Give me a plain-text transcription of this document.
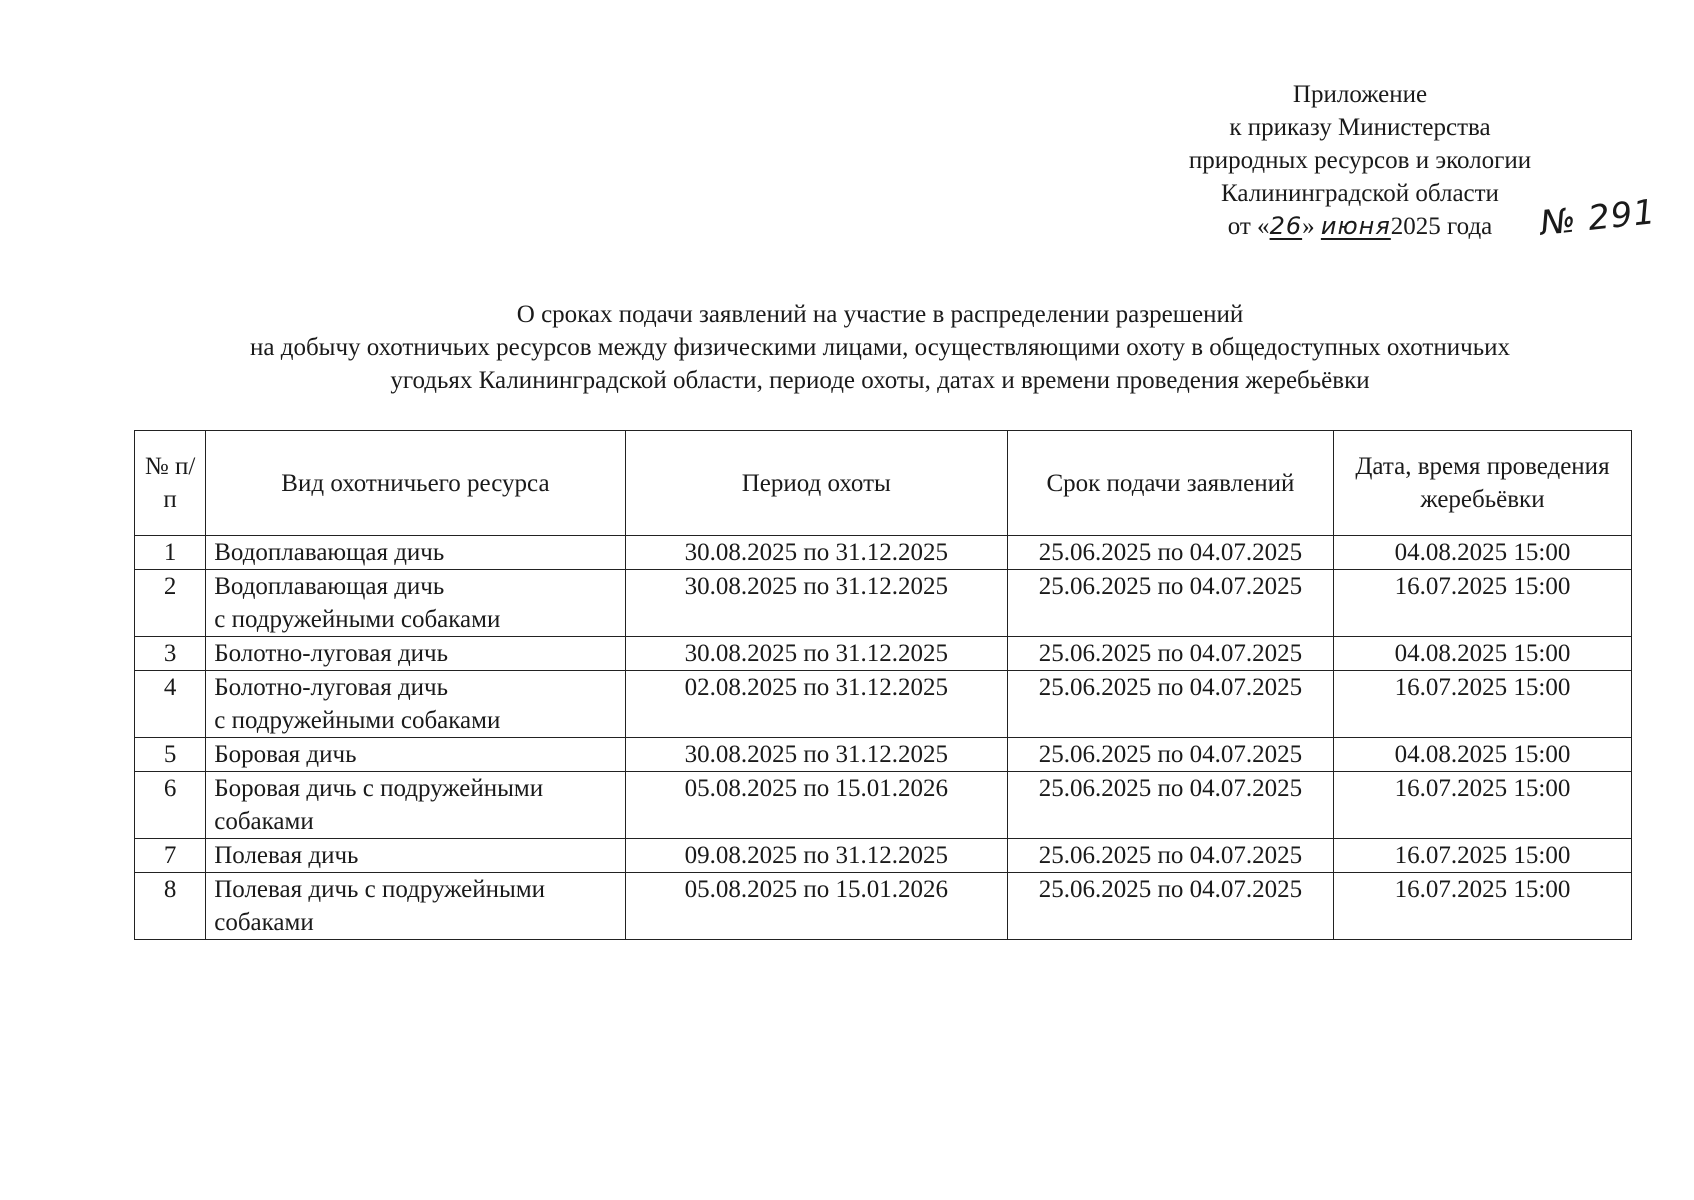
Приложение
к приказу Министерства
природных ресурсов и экологии
Калининградской области
от «26» июня2025 года	№ 291
О сроках подачи заявлений на участие в распределении разрешений
на добычу охотничьих ресурсов между физическими лицами, осуществляющими охоту в общедоступных охотничьих
угодьях Калининградской области, периоде охоты, датах и времени проведения жеребьёвки
№ п/п	Вид охотничьего ресурса	Период охоты	Срок подачи заявлений	Дата, время проведения жеребьёвки
1	Водоплавающая дичь	30.08.2025 по 31.12.2025	25.06.2025 по 04.07.2025	04.08.2025 15:00
2	Водоплавающая дичь
с подружейными собаками	30.08.2025 по 31.12.2025	25.06.2025 по 04.07.2025	16.07.2025 15:00
3	Болотно-луговая дичь	30.08.2025 по 31.12.2025	25.06.2025 по 04.07.2025	04.08.2025 15:00
4	Болотно-луговая дичь
с подружейными собаками	02.08.2025 по 31.12.2025	25.06.2025 по 04.07.2025	16.07.2025 15:00
5	Боровая дичь	30.08.2025 по 31.12.2025	25.06.2025 по 04.07.2025	04.08.2025 15:00
6	Боровая дичь с подружейными
собаками	05.08.2025 по 15.01.2026	25.06.2025 по 04.07.2025	16.07.2025 15:00
7	Полевая дичь	09.08.2025 по 31.12.2025	25.06.2025 по 04.07.2025	16.07.2025 15:00
8	Полевая дичь с подружейными
собаками	05.08.2025 по 15.01.2026	25.06.2025 по 04.07.2025	16.07.2025 15:00
